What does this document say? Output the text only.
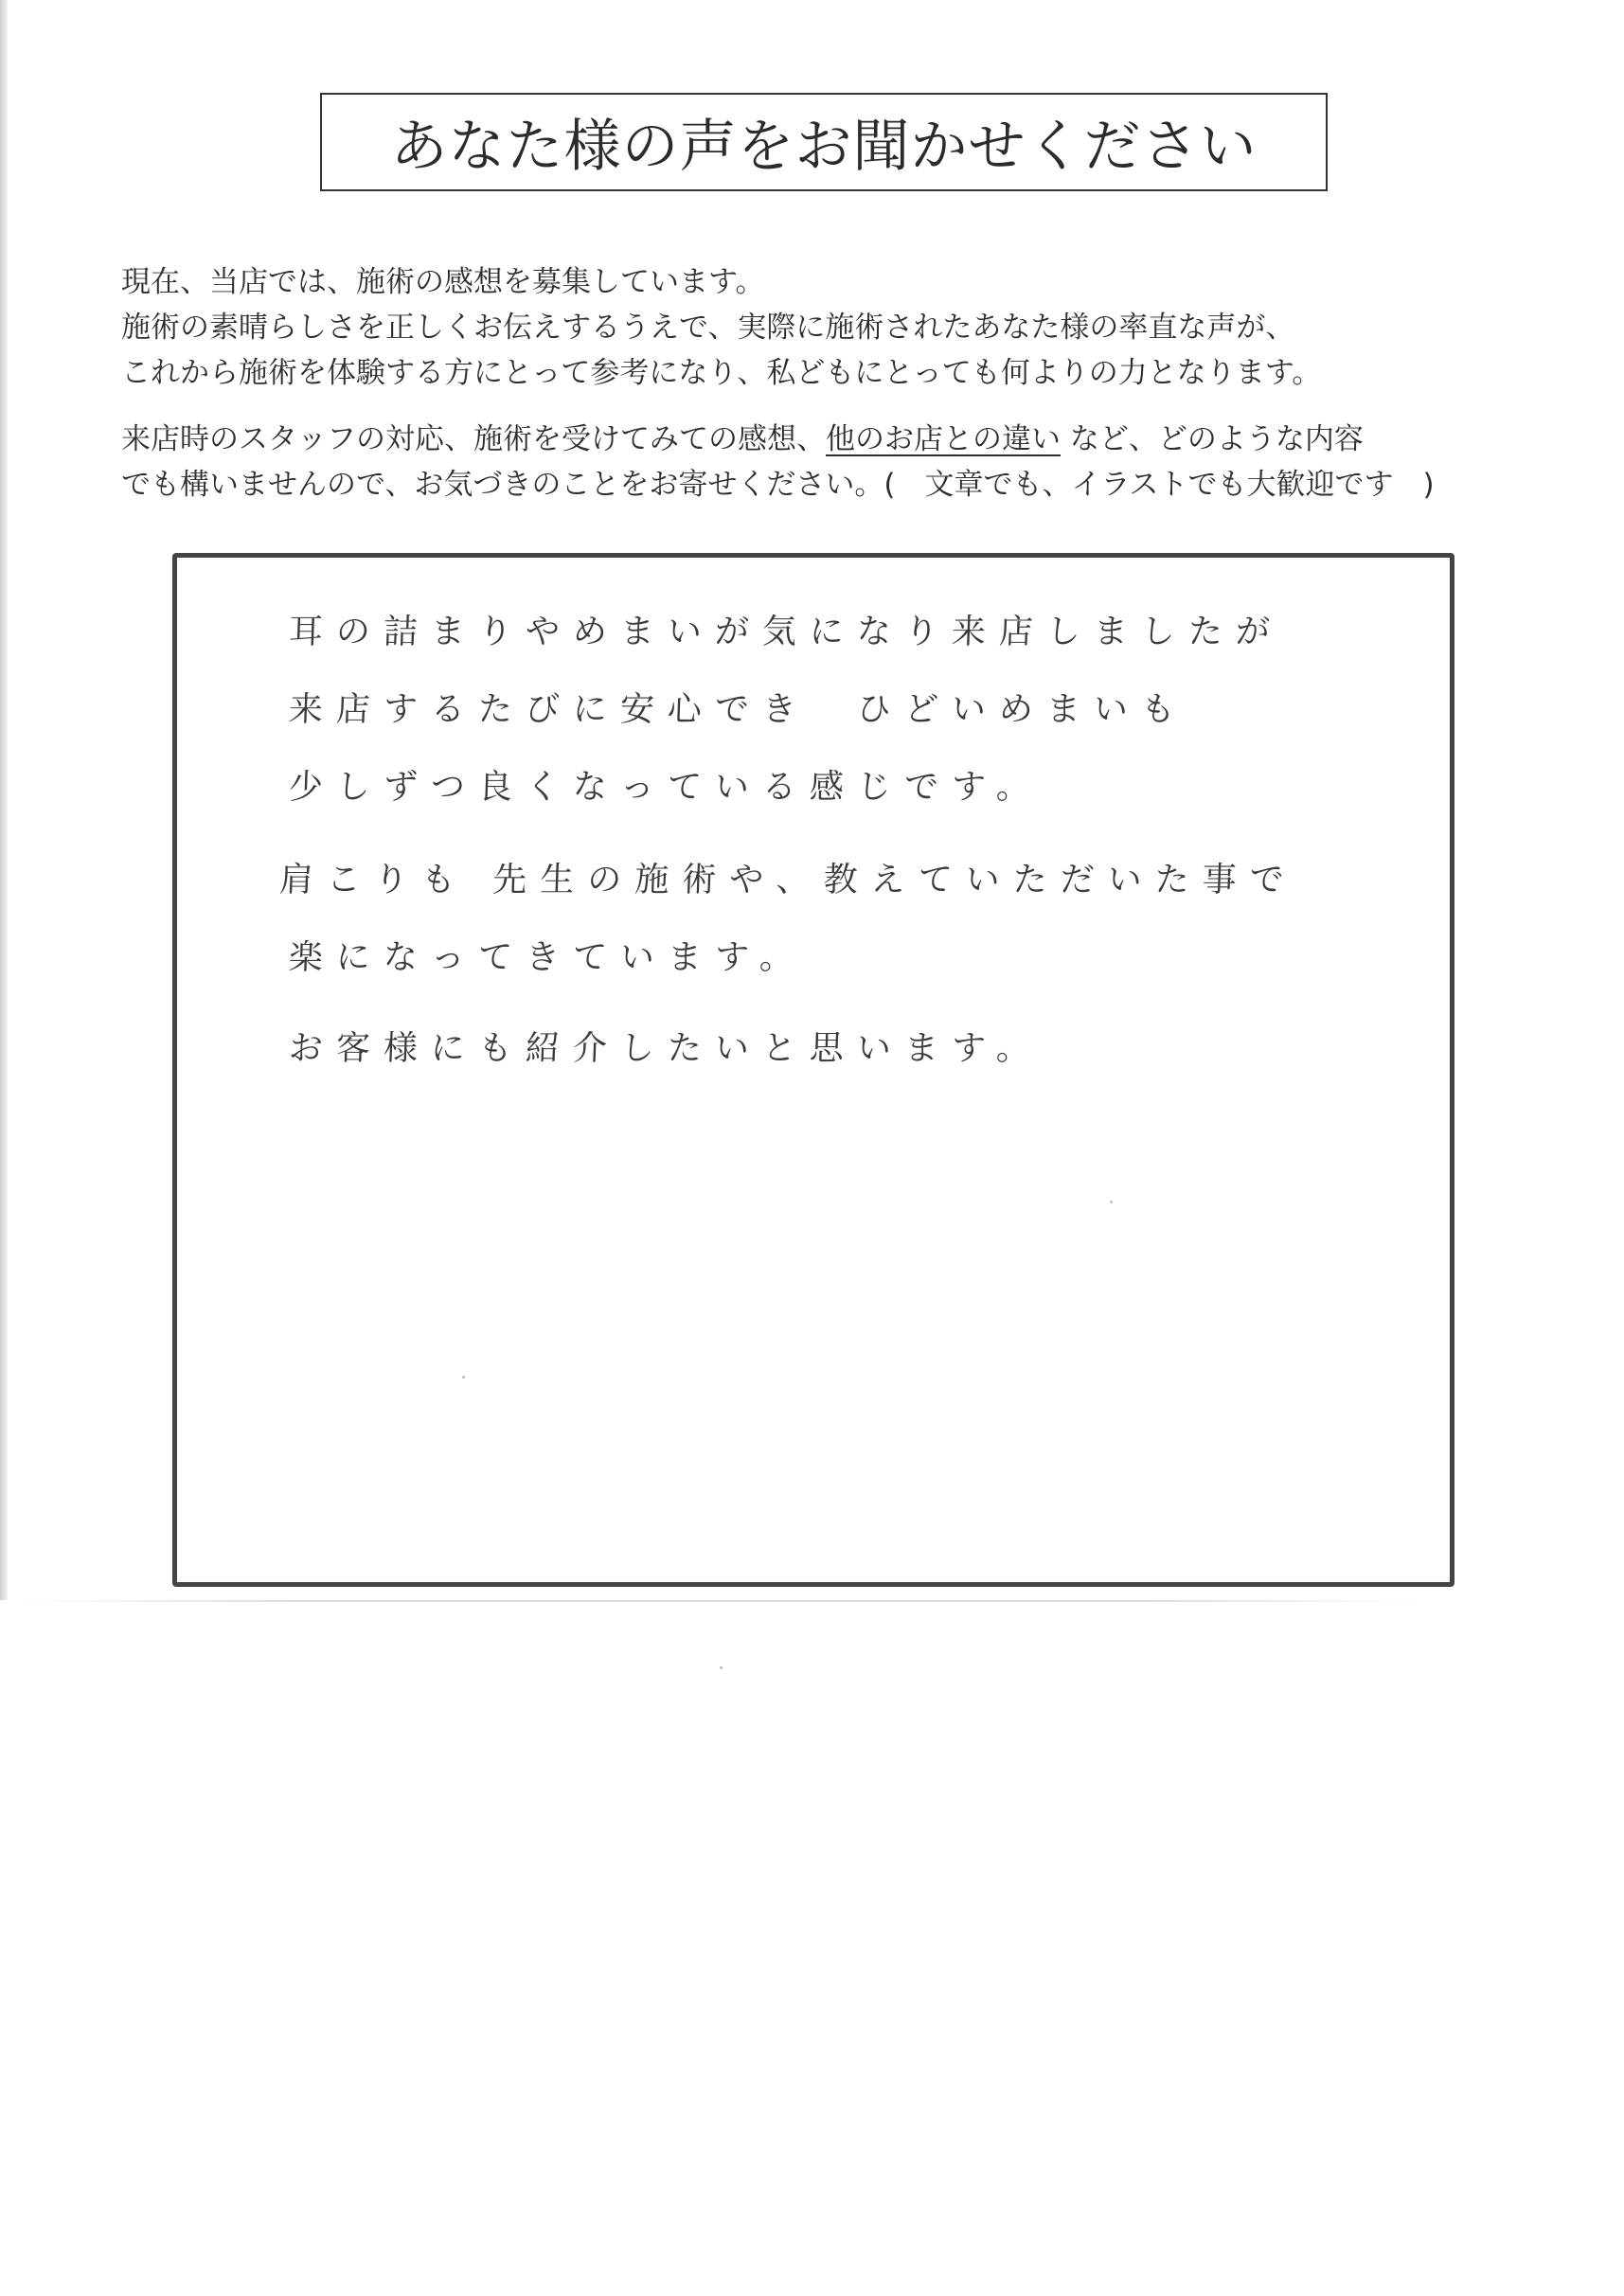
あなた様の声をお聞かせください

現在、当店では、施術の感想を募集しています。

施術の素晴らしさを正しくお伝えするうえで、実際に施術されたあなた様の率直な声が、

これから施術を体験する方にとって参考になり、私どもにとっても何よりの力となります。

来店時のスタッフの対応、施術を受けてみての感想、他のお店との違い など、どのような内容

でも構いませんので、お気づきのことをお寄せください。(　文章でも、イラストでも大歓迎です　)

耳の詰まりやめまいが気になり来店しましたが
来店するたびに安心でき　ひどいめまいも
少しずつ良くなっている感じです。
肩こりも 先生の施術や、教えていただいた事で
楽になってきています。
お客様にも紹介したいと思います。
